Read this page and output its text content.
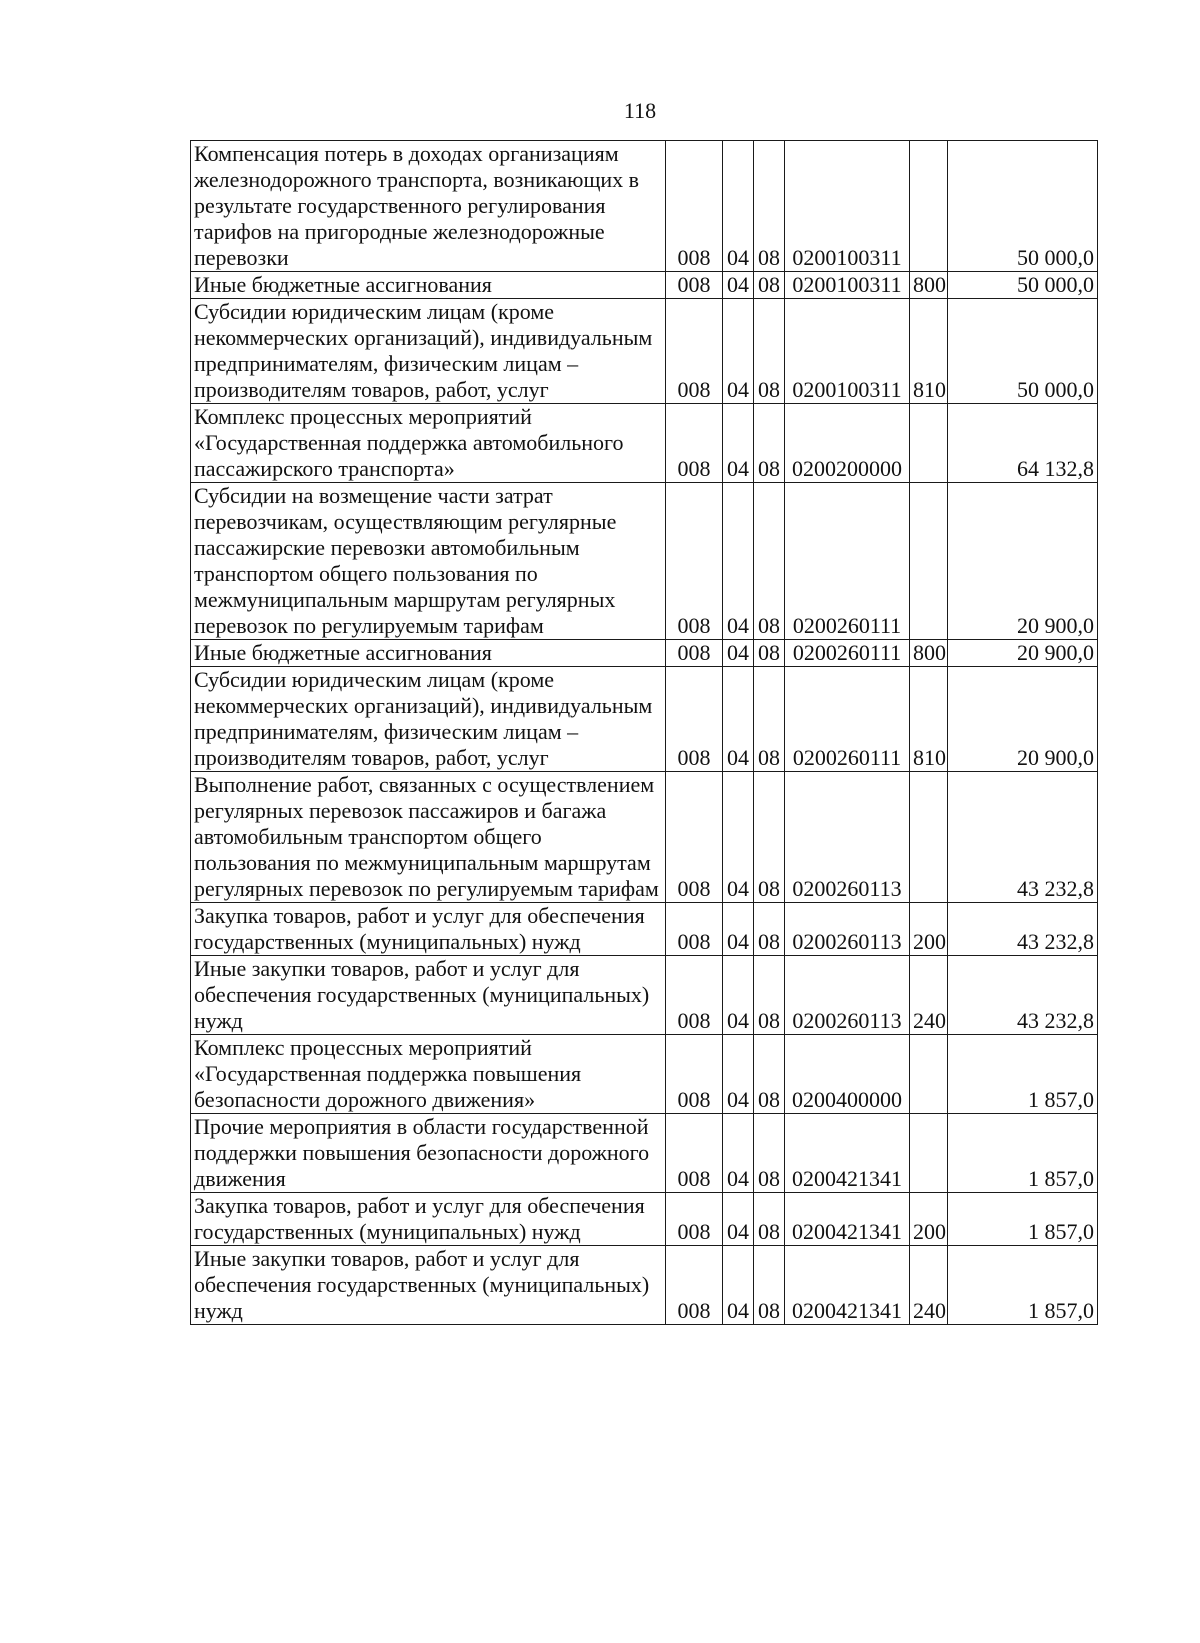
118
Компенсация потерь в доходах организациям железнодорожного транспорта, возникающих в результате государственного регулирования тарифов на пригородные железнодорожные перевозки	008	04	08	0200100311		50 000,0
Иные бюджетные ассигнования	008	04	08	0200100311	800	50 000,0
Субсидии юридическим лицам (кроме некоммерческих организаций), индивидуальным предпринимателям, физическим лицам – производителям товаров, работ, услуг	008	04	08	0200100311	810	50 000,0
Комплекс процессных мероприятий «Государственная поддержка автомобильного пассажирского транспорта»	008	04	08	0200200000		64 132,8
Субсидии на возмещение части затрат перевозчикам, осуществляющим регулярные пассажирские перевозки автомобильным транспортом общего пользования по межмуниципальным маршрутам регулярных перевозок по регулируемым тарифам	008	04	08	0200260111		20 900,0
Иные бюджетные ассигнования	008	04	08	0200260111	800	20 900,0
Субсидии юридическим лицам (кроме некоммерческих организаций), индивидуальным предпринимателям, физическим лицам – производителям товаров, работ, услуг	008	04	08	0200260111	810	20 900,0
Выполнение работ, связанных с осуществлением регулярных перевозок пассажиров и багажа автомобильным транспортом общего пользования по межмуниципальным маршрутам регулярных перевозок по регулируемым тарифам	008	04	08	0200260113		43 232,8
Закупка товаров, работ и услуг для обеспечения государственных (муниципальных) нужд	008	04	08	0200260113	200	43 232,8
Иные закупки товаров, работ и услуг для обеспечения государственных (муниципальных) нужд	008	04	08	0200260113	240	43 232,8
Комплекс процессных мероприятий «Государственная поддержка повышения безопасности дорожного движения»	008	04	08	0200400000		1 857,0
Прочие мероприятия в области государственной поддержки повышения безопасности дорожного движения	008	04	08	0200421341		1 857,0
Закупка товаров, работ и услуг для обеспечения государственных (муниципальных) нужд	008	04	08	0200421341	200	1 857,0
Иные закупки товаров, работ и услуг для обеспечения государственных (муниципальных) нужд	008	04	08	0200421341	240	1 857,0
